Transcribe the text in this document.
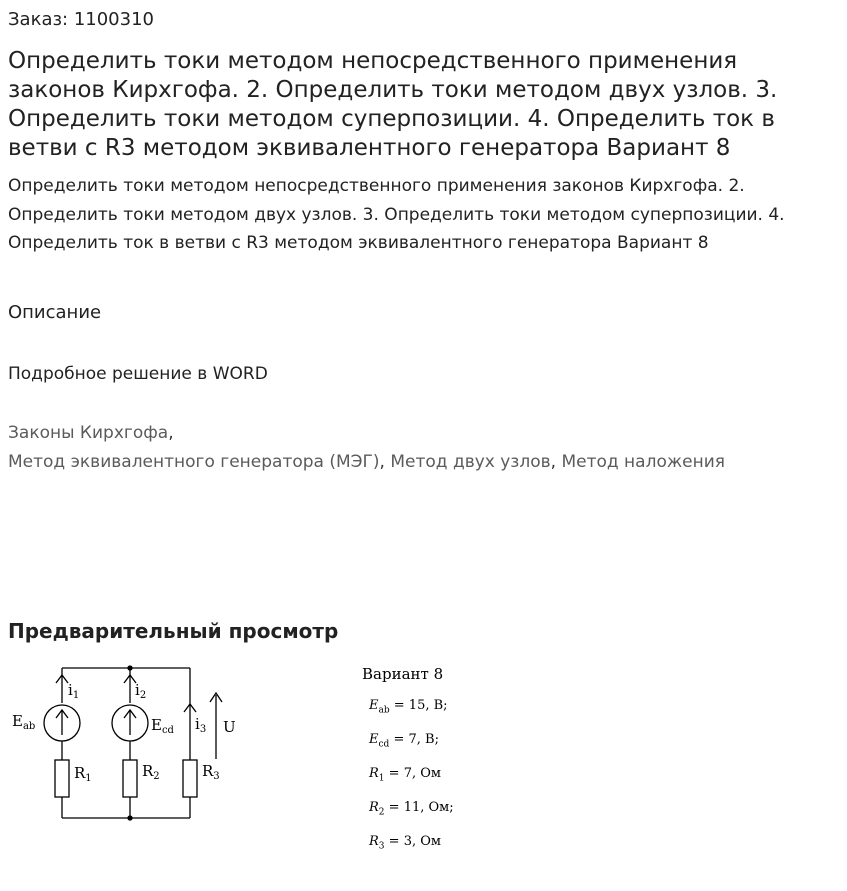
Заказ: 1100310
Определить токи методом непосредственного применения законов Кирхгофа. 2. Определить токи методом двух узлов. 3. Определить токи методом суперпозиции. 4. Определить ток в ветви с R3 методом эквивалентного генератора Вариант 8
Определить токи методом непосредственного применения законов Кирхгофа. 2. Определить токи методом двух узлов. 3. Определить токи методом суперпозиции. 4. Определить ток в ветви с R3 методом эквивалентного генератора Вариант 8
Описание
Подробное решение в WORD
Законы Кирхгофа,
Метод эквивалентного генератора (МЭГ), Метод двух узлов, Метод наложения
Предварительный просмотр
$i_1$	$i_2$
$i_3$
$E_{ab}$	$E_{cd}$	U
$R_1$	$R_2$	$R_3$
Вариант 8
$E_{ab} = 15$, В;
$E_{cd} = 7$, В;
$R_1 = 7$, Ом
$R_2 = 11$, Ом;
$R_3 = 3$, Ом
